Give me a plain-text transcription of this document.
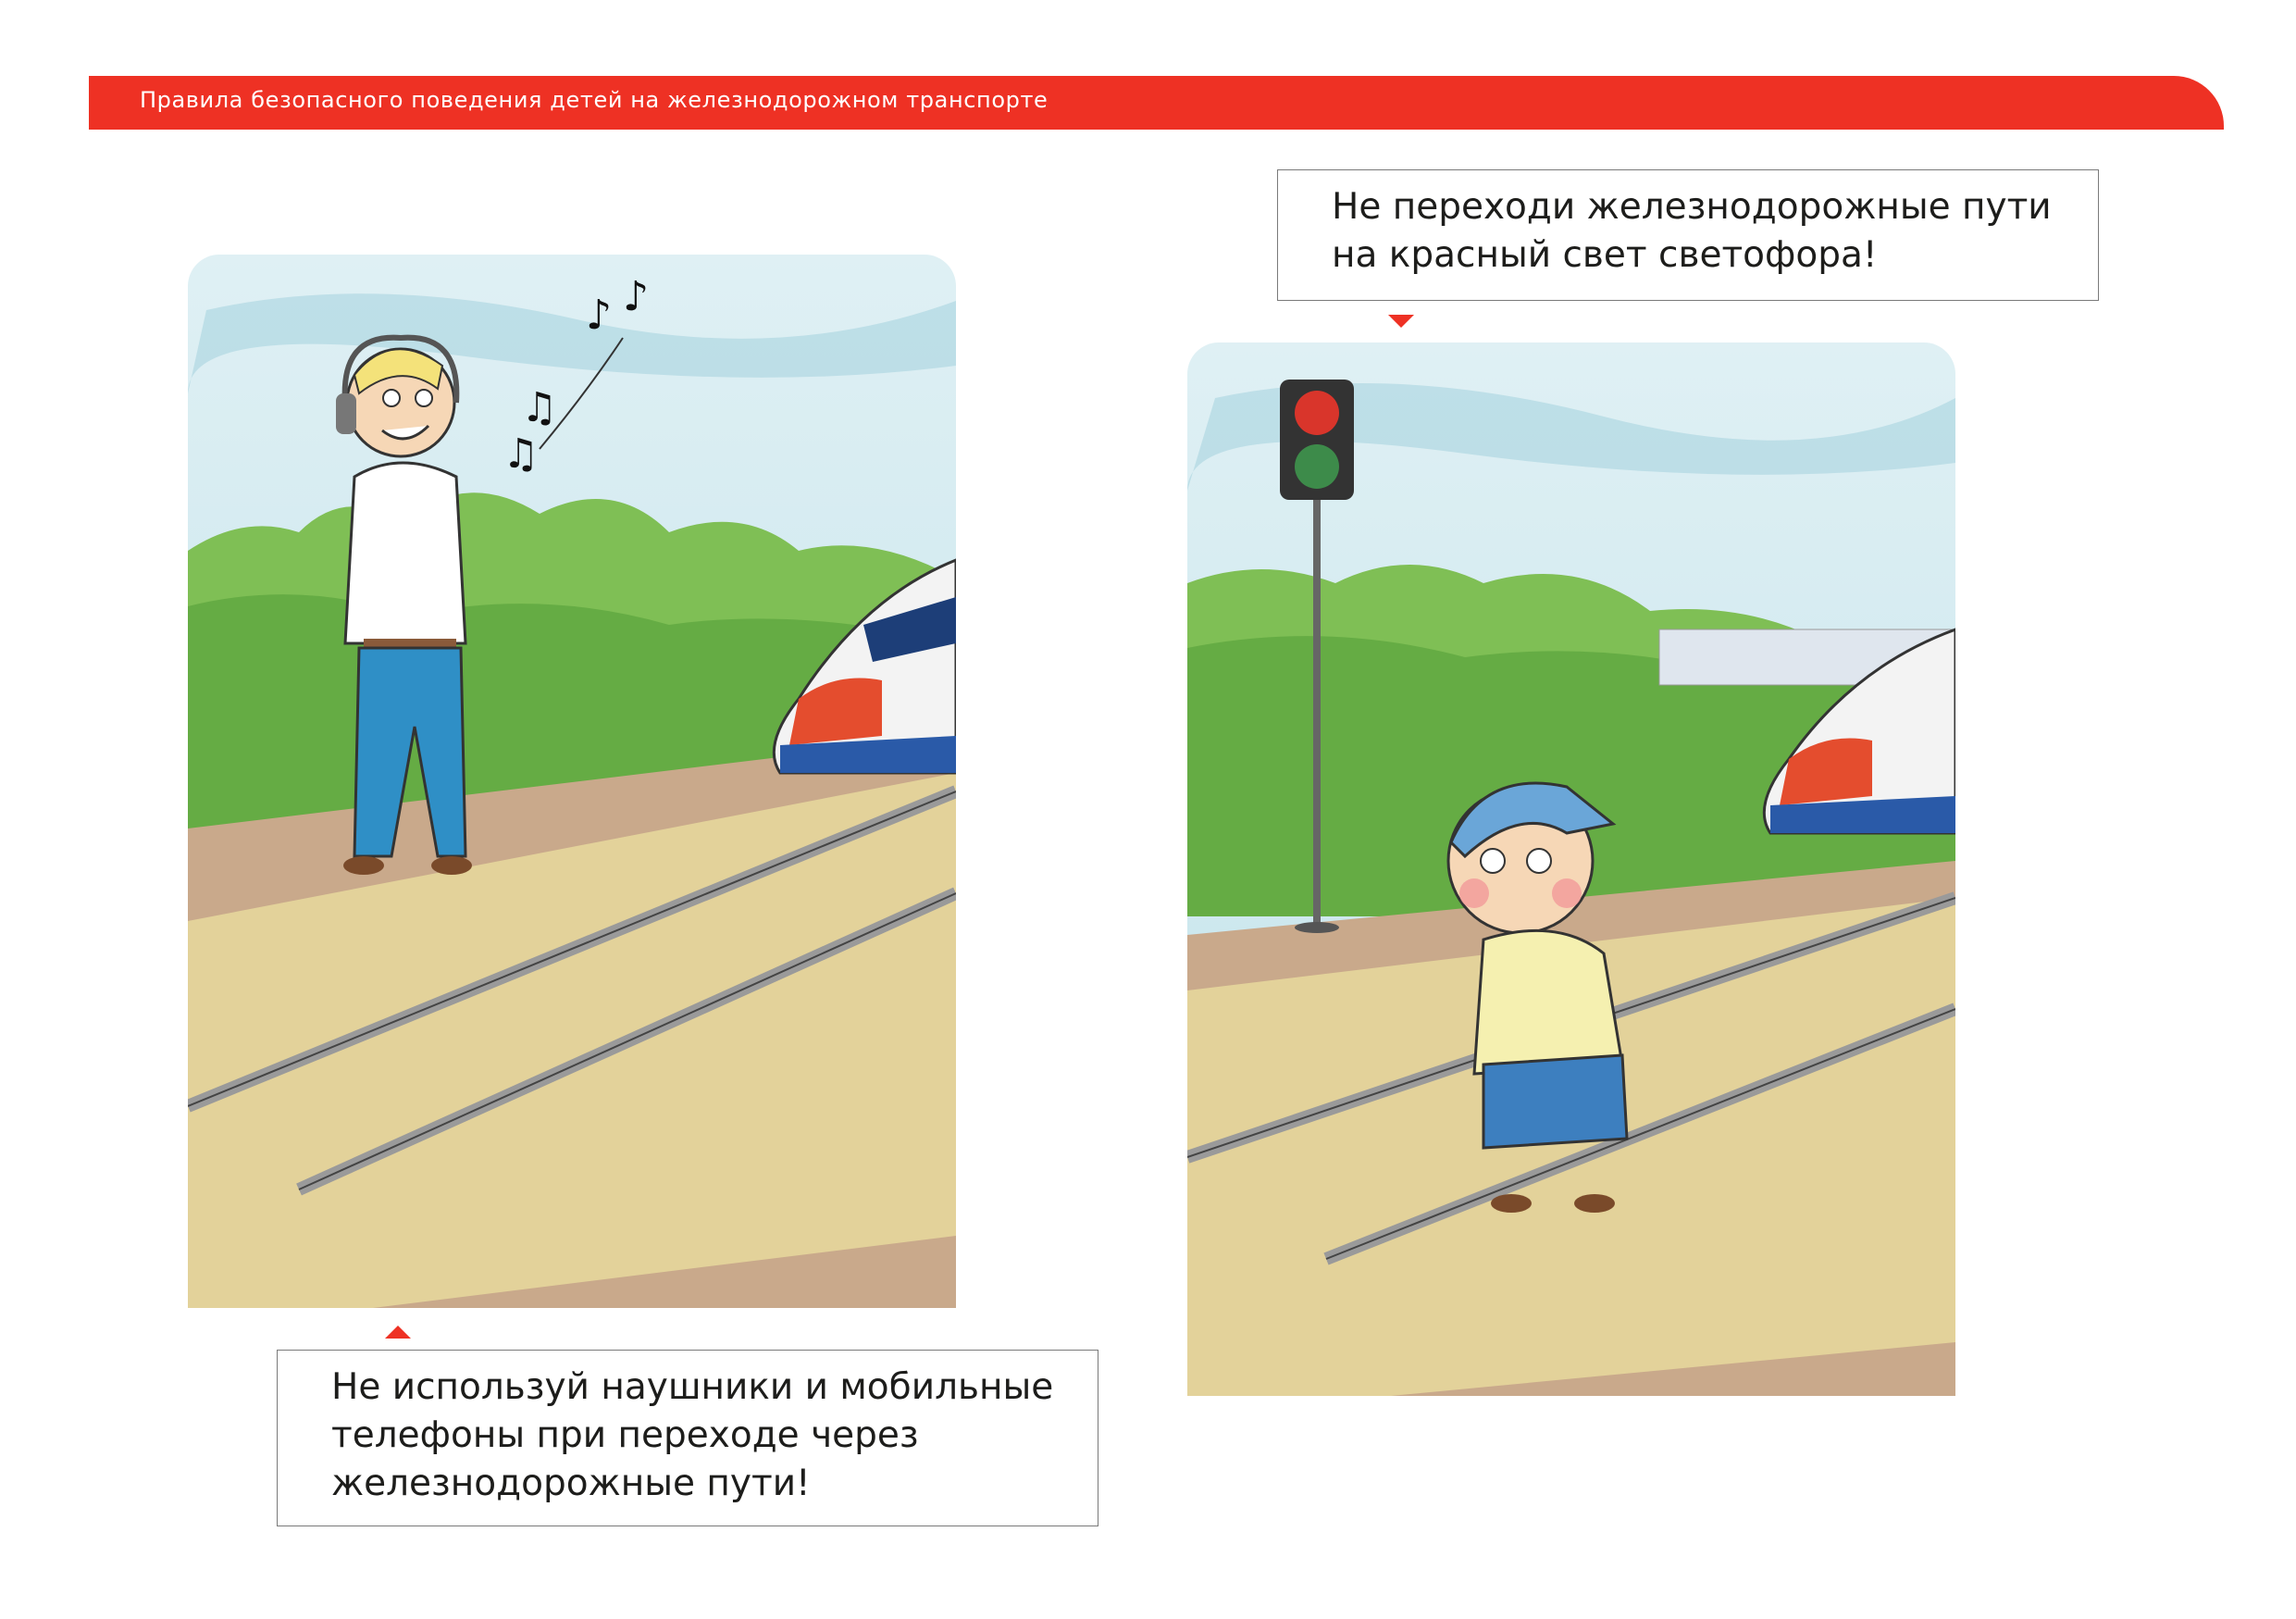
Правила безопасного поведения детей на железнодорожном транспорте
♫
♪ ♪
♫
Не используй наушники и мобильные
телефоны при переходе через
железнодорожные пути!
Не переходи железнодорожные пути
на красный свет светофора!
